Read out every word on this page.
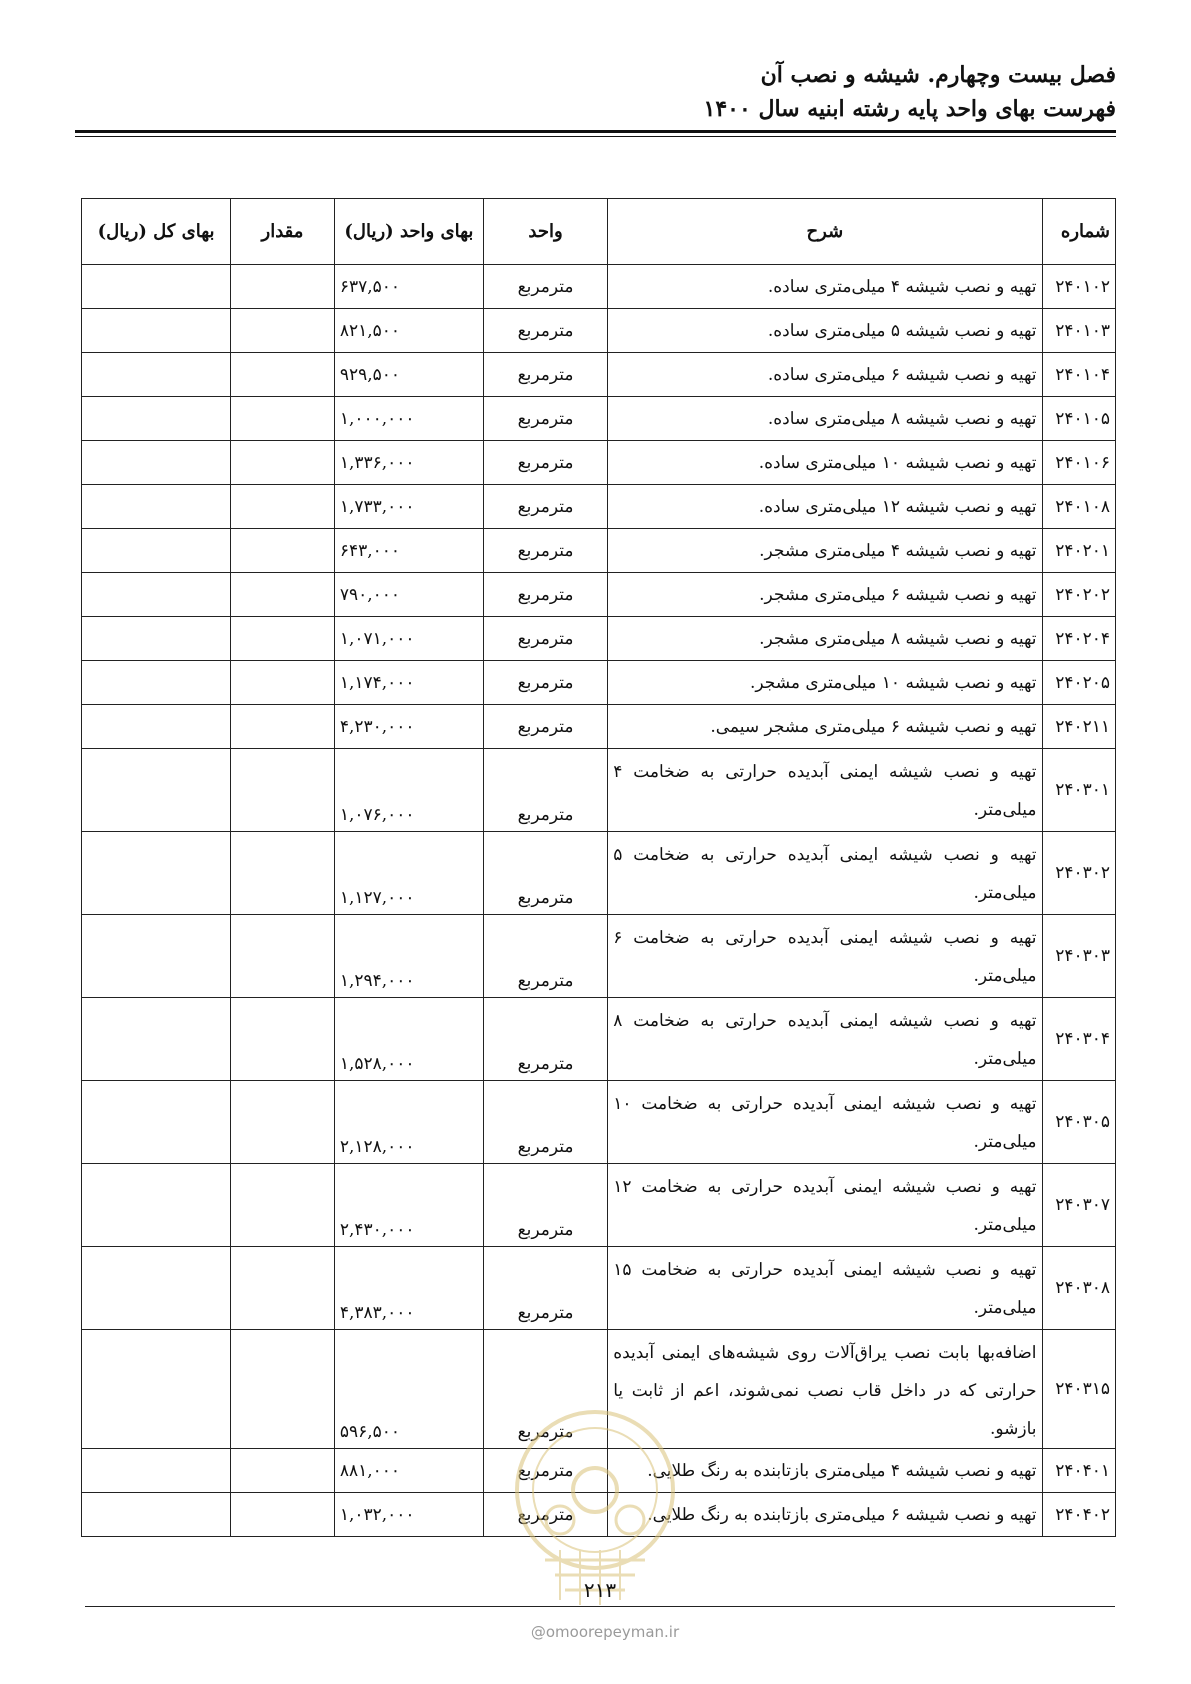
فصل بیست وچهارم. شیشه و نصب آن
فهرست بهای واحد پایه رشته ابنیه سال ۱۴۰۰
شماره	شرح	واحد	بهای واحد (ریال)	مقدار	بهای کل (ریال)
۲۴۰۱۰۲	تهیه و نصب شیشه ۴ میلی‌متری ساده.	مترمربع	۶۳۷,۵۰۰		
۲۴۰۱۰۳	تهیه و نصب شیشه ۵ میلی‌متری ساده.	مترمربع	۸۲۱,۵۰۰		
۲۴۰۱۰۴	تهیه و نصب شیشه ۶ میلی‌متری ساده.	مترمربع	۹۲۹,۵۰۰		
۲۴۰۱۰۵	تهیه و نصب شیشه ۸ میلی‌متری ساده.	مترمربع	۱,۰۰۰,۰۰۰		
۲۴۰۱۰۶	تهیه و نصب شیشه ۱۰ میلی‌متری ساده.	مترمربع	۱,۳۳۶,۰۰۰		
۲۴۰۱۰۸	تهیه و نصب شیشه ۱۲ میلی‌متری ساده.	مترمربع	۱,۷۳۳,۰۰۰		
۲۴۰۲۰۱	تهیه و نصب شیشه ۴ میلی‌متری مشجر.	مترمربع	۶۴۳,۰۰۰		
۲۴۰۲۰۲	تهیه و نصب شیشه ۶ میلی‌متری مشجر.	مترمربع	۷۹۰,۰۰۰		
۲۴۰۲۰۴	تهیه و نصب شیشه ۸ میلی‌متری مشجر.	مترمربع	۱,۰۷۱,۰۰۰		
۲۴۰۲۰۵	تهیه و نصب شیشه ۱۰ میلی‌متری مشجر.	مترمربع	۱,۱۷۴,۰۰۰		
۲۴۰۲۱۱	تهیه و نصب شیشه ۶ میلی‌متری مشجر سیمی.	مترمربع	۴,۲۳۰,۰۰۰		
۲۴۰۳۰۱	تهیه و نصب شیشه ایمنی آبدیده حرارتی به ضخامت ۴ میلی‌متر.	مترمربع	۱,۰۷۶,۰۰۰		
۲۴۰۳۰۲	تهیه و نصب شیشه ایمنی آبدیده حرارتی به ضخامت ۵ میلی‌متر.	مترمربع	۱,۱۲۷,۰۰۰		
۲۴۰۳۰۳	تهیه و نصب شیشه ایمنی آبدیده حرارتی به ضخامت ۶ میلی‌متر.	مترمربع	۱,۲۹۴,۰۰۰		
۲۴۰۳۰۴	تهیه و نصب شیشه ایمنی آبدیده حرارتی به ضخامت ۸ میلی‌متر.	مترمربع	۱,۵۲۸,۰۰۰		
۲۴۰۳۰۵	تهیه و نصب شیشه ایمنی آبدیده حرارتی به ضخامت ۱۰ میلی‌متر.	مترمربع	۲,۱۲۸,۰۰۰		
۲۴۰۳۰۷	تهیه و نصب شیشه ایمنی آبدیده حرارتی به ضخامت ۱۲ میلی‌متر.	مترمربع	۲,۴۳۰,۰۰۰		
۲۴۰۳۰۸	تهیه و نصب شیشه ایمنی آبدیده حرارتی به ضخامت ۱۵ میلی‌متر.	مترمربع	۴,۳۸۳,۰۰۰		
۲۴۰۳۱۵	اضافه‌بها بابت نصب یراق‌آلات روی شیشه‌های ایمنی آبدیده حرارتی که در داخل قاب نصب نمی‌شوند، اعم از ثابت یا بازشو.	مترمربع	۵۹۶,۵۰۰		
۲۴۰۴۰۱	تهیه و نصب شیشه ۴ میلی‌متری بازتابنده به رنگ طلایی.	مترمربع	۸۸۱,۰۰۰		
۲۴۰۴۰۲	تهیه و نصب شیشه ۶ میلی‌متری بازتابنده به رنگ طلایی.	مترمربع	۱,۰۳۲,۰۰۰		
۲۱۳
@omoorepeyman.ir
